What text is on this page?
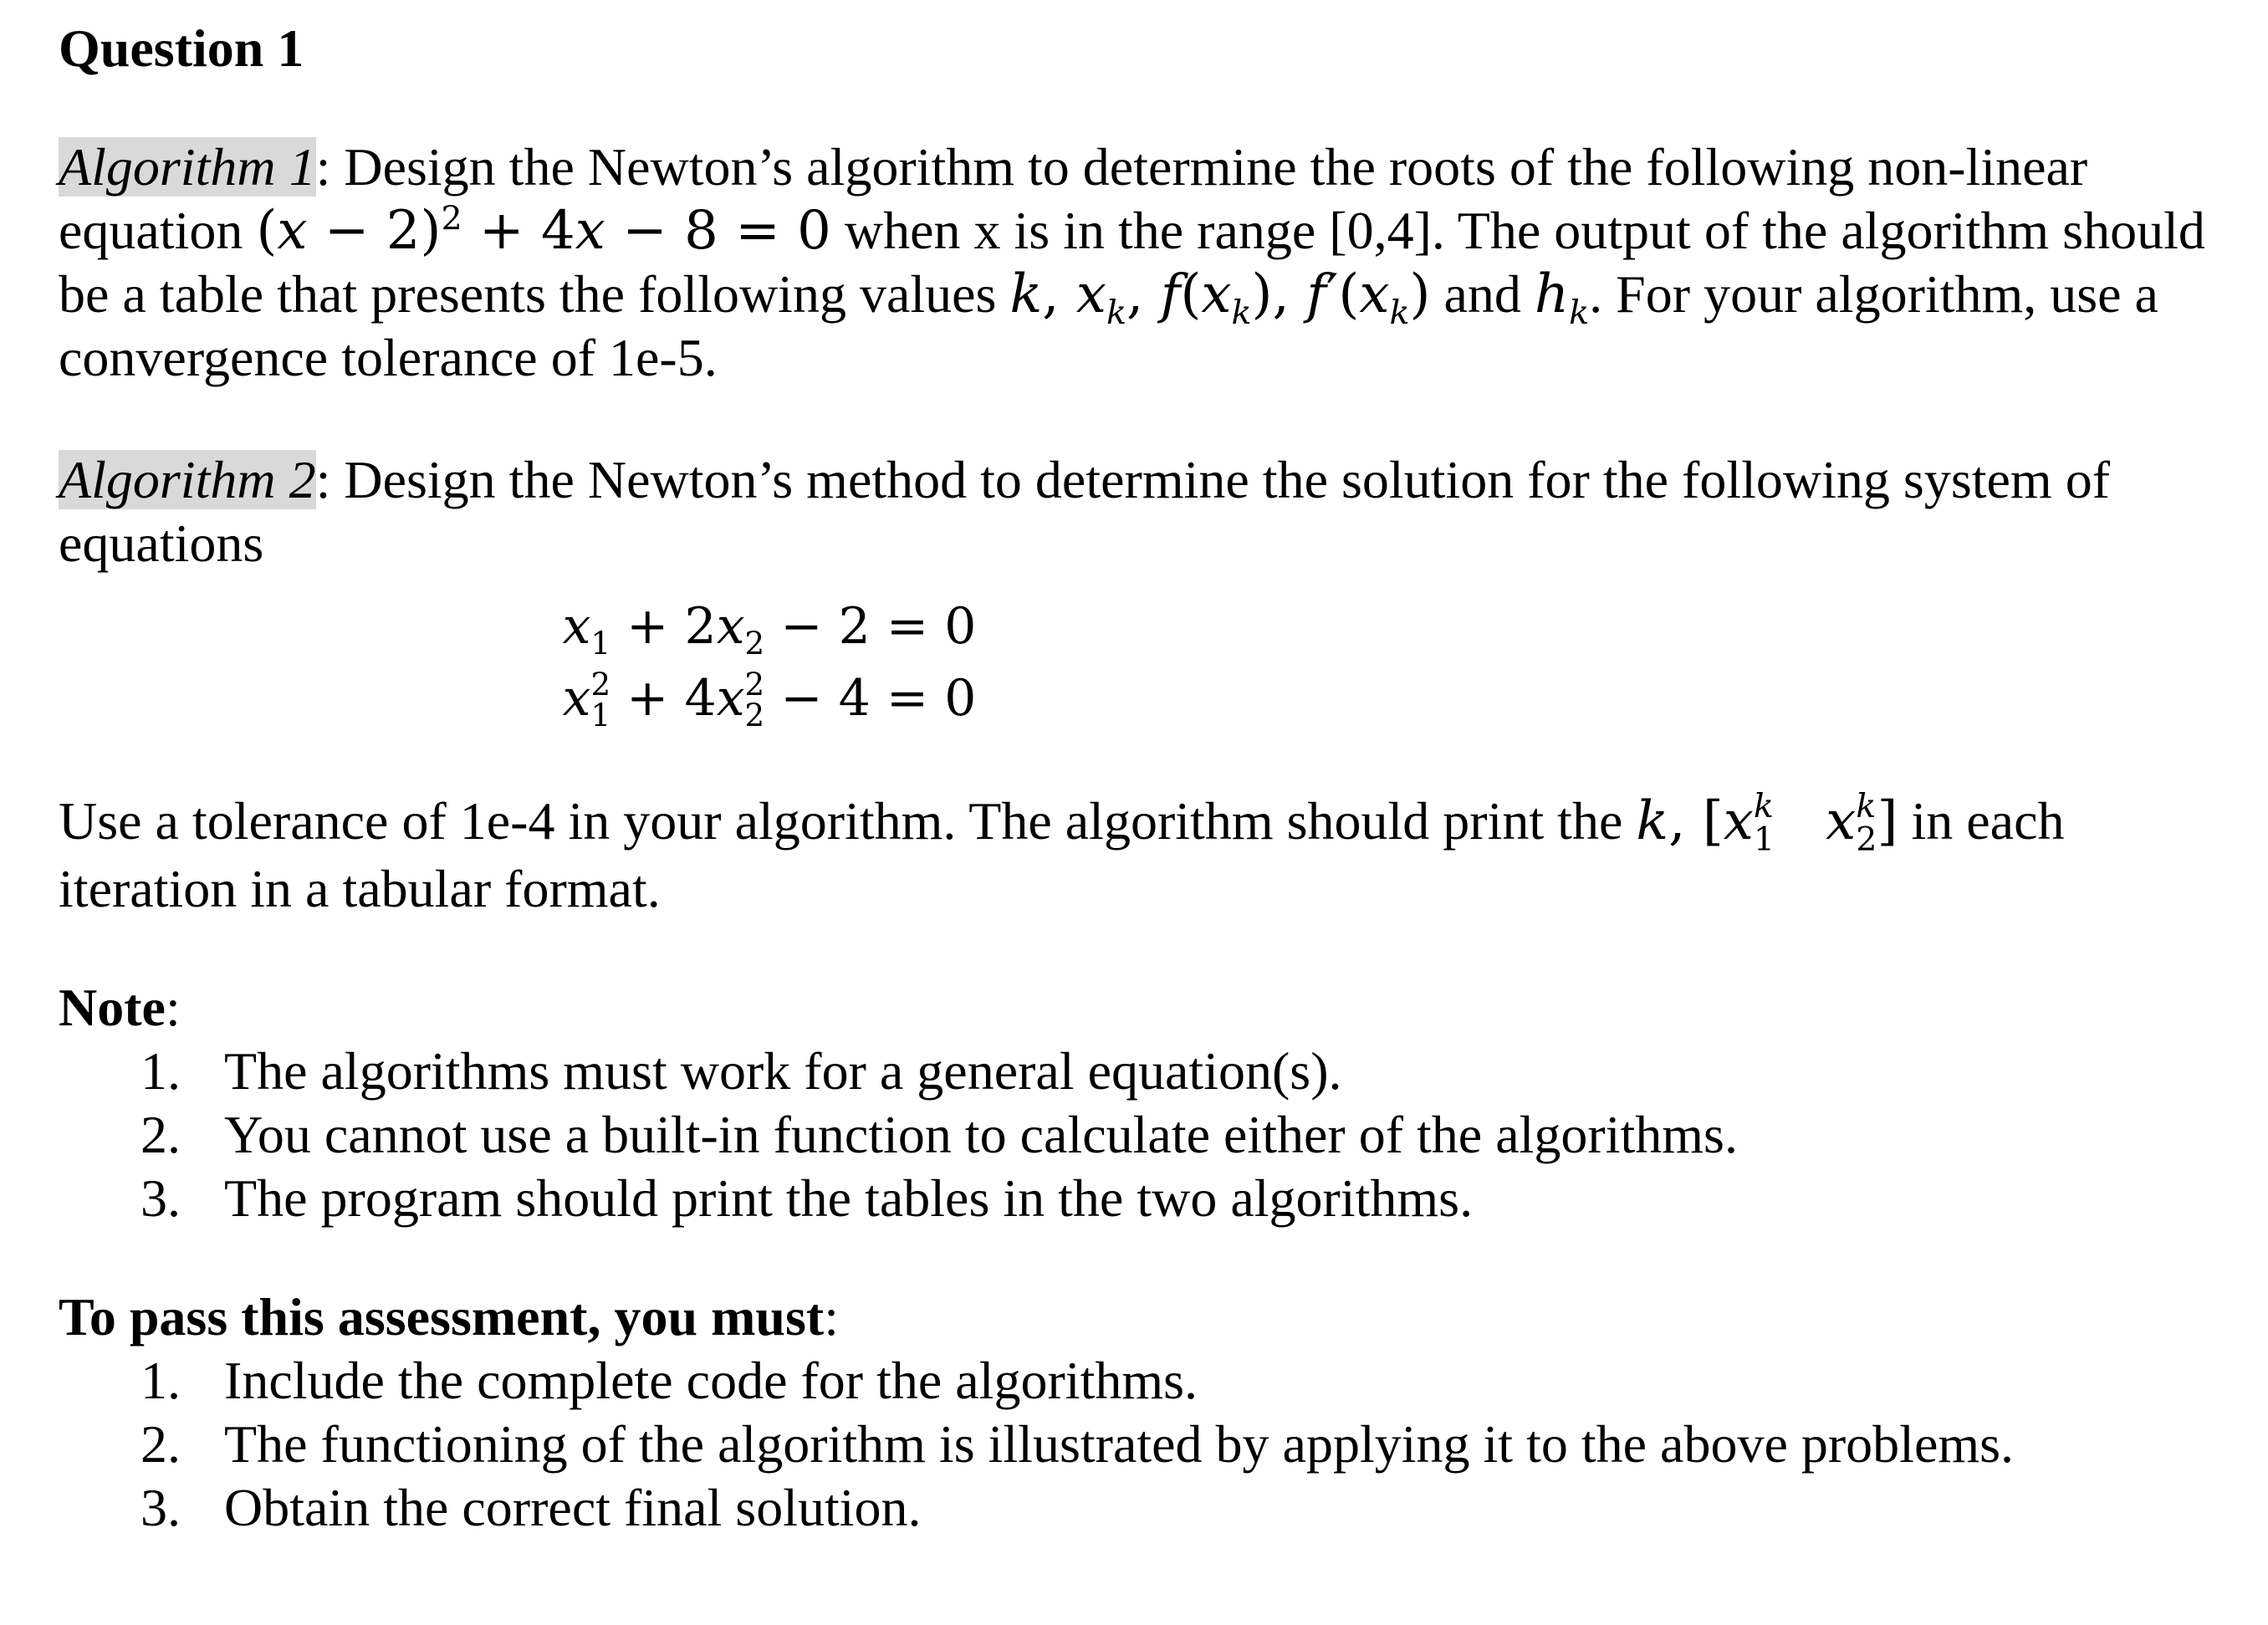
Question 1

Algorithm 1: Design the Newton’s algorithm to determine the roots of the following non-linear equation $(x - 2)^2 + 4x - 8 = 0$ when x is in the range [0,4]. The output of the algorithm should be a table that presents the following values k, $x_k$, $f(x_k)$, $f'(x_k)$ and $h_k$. For your algorithm, use a convergence tolerance of 1e-5.

Algorithm 2: Design the Newton’s method to determine the solution for the following system of equations

$x_1 + 2x_2 - 2 = 0$
x 2
1 + 4x 2
2 − 4 = 0

Use a tolerance of 1e-4 in your algorithm. The algorithm should print the k, [x k
1 x k
2 ] in each iteration in a tabular format.

Note:

1. The algorithms must work for a general equation(s).
2. You cannot use a built-in function to calculate either of the algorithms.
3. The program should print the tables in the two algorithms.

To pass this assessment, you must:

1. Include the complete code for the algorithms.
2. The functioning of the algorithm is illustrated by applying it to the above problems.
3. Obtain the correct final solution.
